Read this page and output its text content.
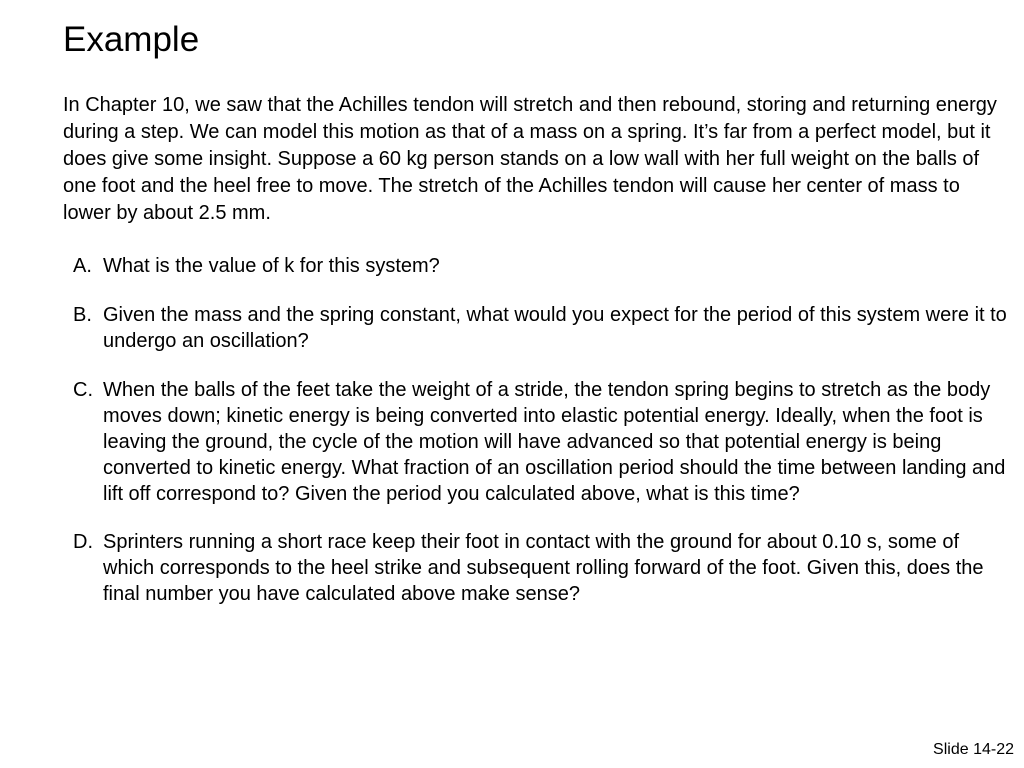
Example

In Chapter 10, we saw that the Achilles tendon will stretch and then rebound, storing and returning energy during a step. We can model this motion as that of a mass on a spring. It’s far from a perfect model, but it does give some insight. Suppose a 60 kg person stands on a low wall with her full weight on the balls of one foot and the heel free to move. The stretch of the Achilles tendon will cause her center of mass to lower by about 2.5 mm.

A. What is the value of k for this system?
B. Given the mass and the spring constant, what would you expect for the period of this system were it to undergo an oscillation?
C. When the balls of the feet take the weight of a stride, the tendon spring begins to stretch as the body moves down; kinetic energy is being converted into elastic potential energy. Ideally, when the foot is leaving the ground, the cycle of the motion will have advanced so that potential energy is being converted to kinetic energy. What fraction of an oscillation period should the time between landing and lift off correspond to? Given the period you calculated above, what is this time?
D. Sprinters running a short race keep their foot in contact with the ground for about 0.10 s, some of which corresponds to the heel strike and subsequent rolling forward of the foot. Given this, does the final number you have calculated above make sense?
Slide 14-22
